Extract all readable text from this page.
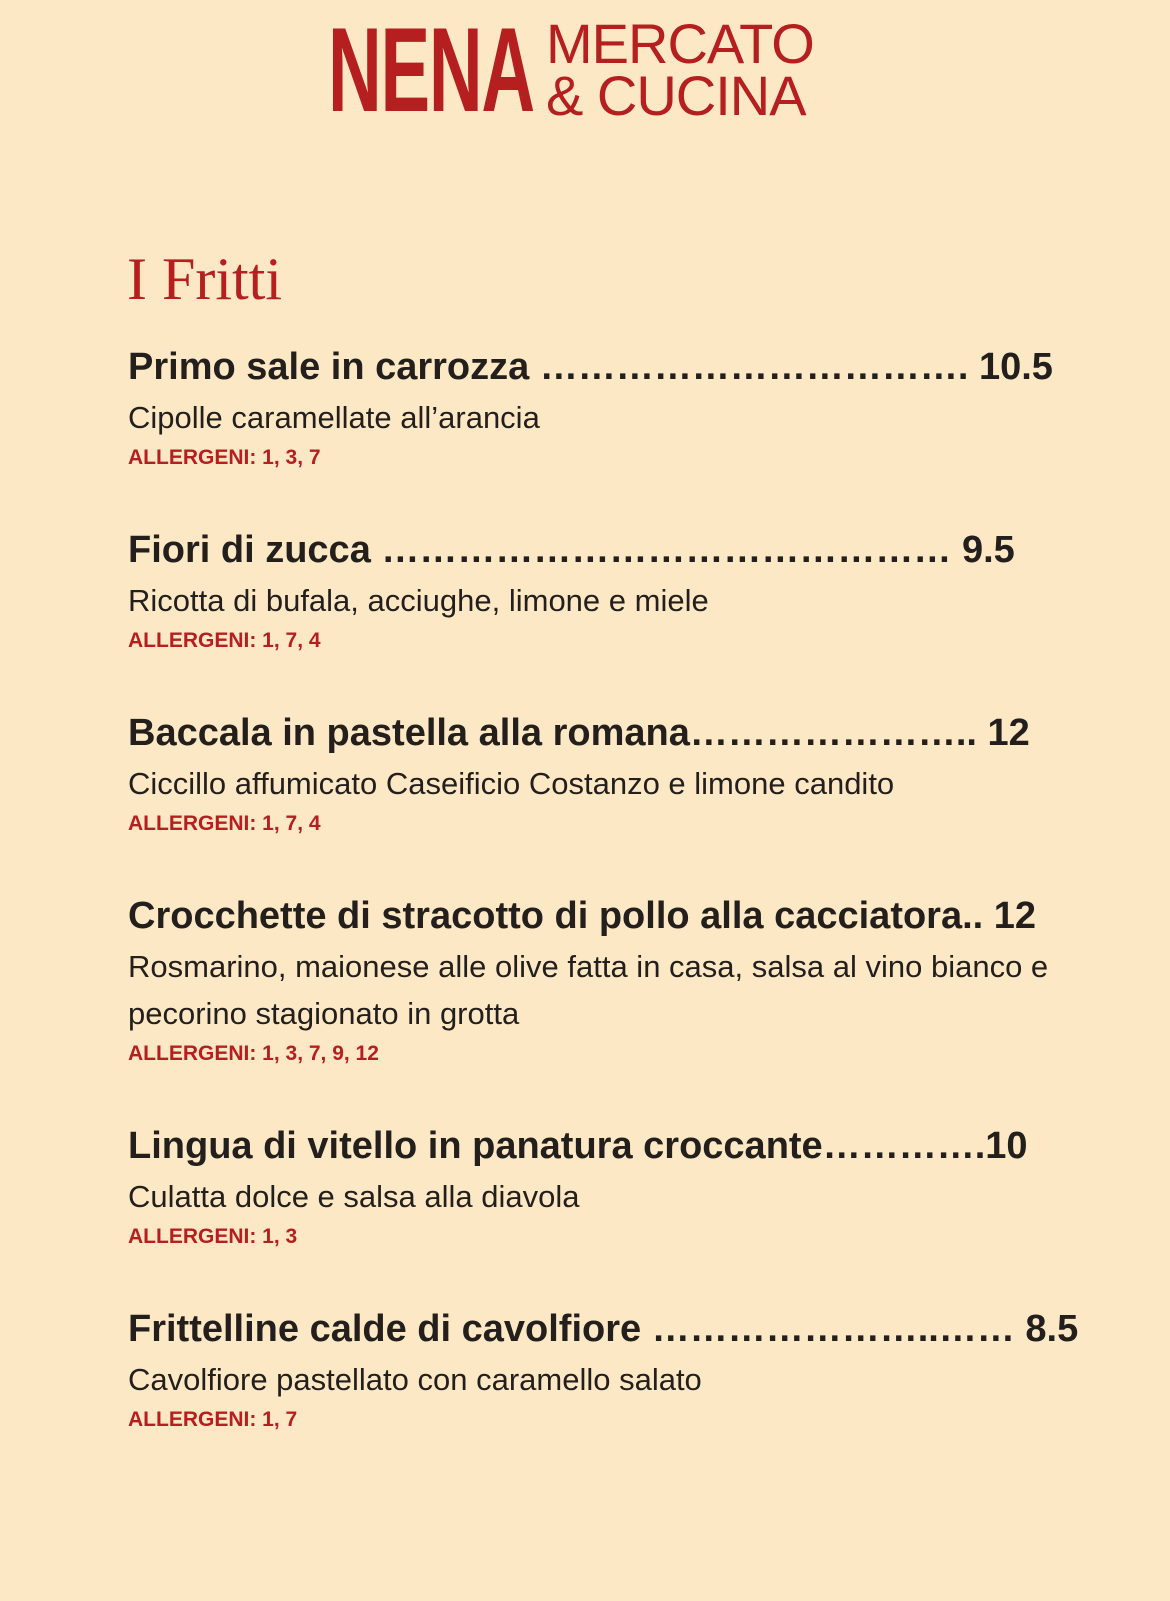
NENA MERCATO
& CUCINA
I Fritti
Primo sale in carrozza ……………………………. 10.5
Cipolle caramellate all’arancia
ALLERGENI: 1, 3, 7
Fiori di zucca ……………………………………… 9.5
Ricotta di bufala, acciughe, limone e miele
ALLERGENI: 1, 7, 4
Baccala in pastella alla romana………………….. 12
Ciccillo affumicato Caseificio Costanzo e limone candito
ALLERGENI: 1, 7, 4
Crocchette di stracotto di pollo alla cacciatora.. 12
Rosmarino, maionese alle olive fatta in casa, salsa al vino bianco e pecorino stagionato in grotta
ALLERGENI: 1, 3, 7, 9, 12
Lingua di vitello in panatura croccante………….10
Culatta dolce e salsa alla diavola
ALLERGENI: 1, 3
Frittelline calde di cavolfiore …………………..…… 8.5
Cavolfiore pastellato con caramello salato
ALLERGENI: 1, 7
